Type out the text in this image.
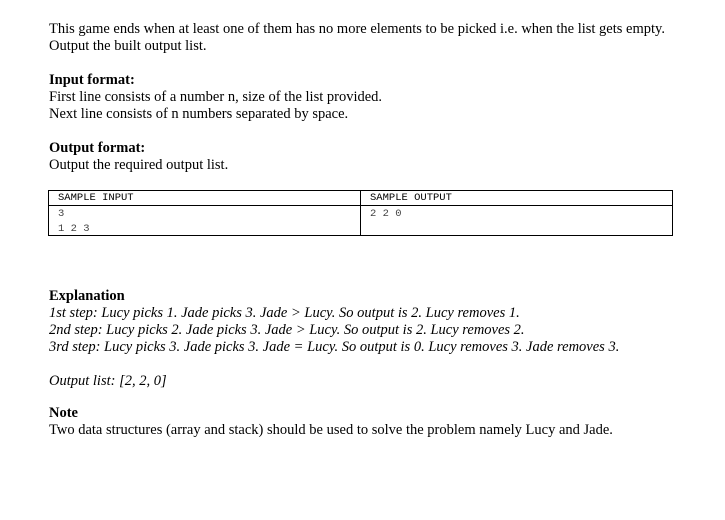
This game ends when at least one of them has no more elements to be picked i.e. when the list gets empty.
Output the built output list.
Input format:
First line consists of a number n, size of the list provided.
Next line consists of n numbers separated by space.
Output format:
Output the required output list.
SAMPLE INPUT
3
1 2 3
SAMPLE OUTPUT
2 2 0
Explanation
1st step: Lucy picks 1. Jade picks 3. Jade > Lucy. So output is 2. Lucy removes 1.
2nd step: Lucy picks 2. Jade picks 3. Jade > Lucy. So output is 2. Lucy removes 2.
3rd step: Lucy picks 3. Jade picks 3. Jade = Lucy. So output is 0. Lucy removes 3. Jade removes 3.
Output list: [2, 2, 0]
Note
Two data structures (array and stack) should be used to solve the problem namely Lucy and Jade.
